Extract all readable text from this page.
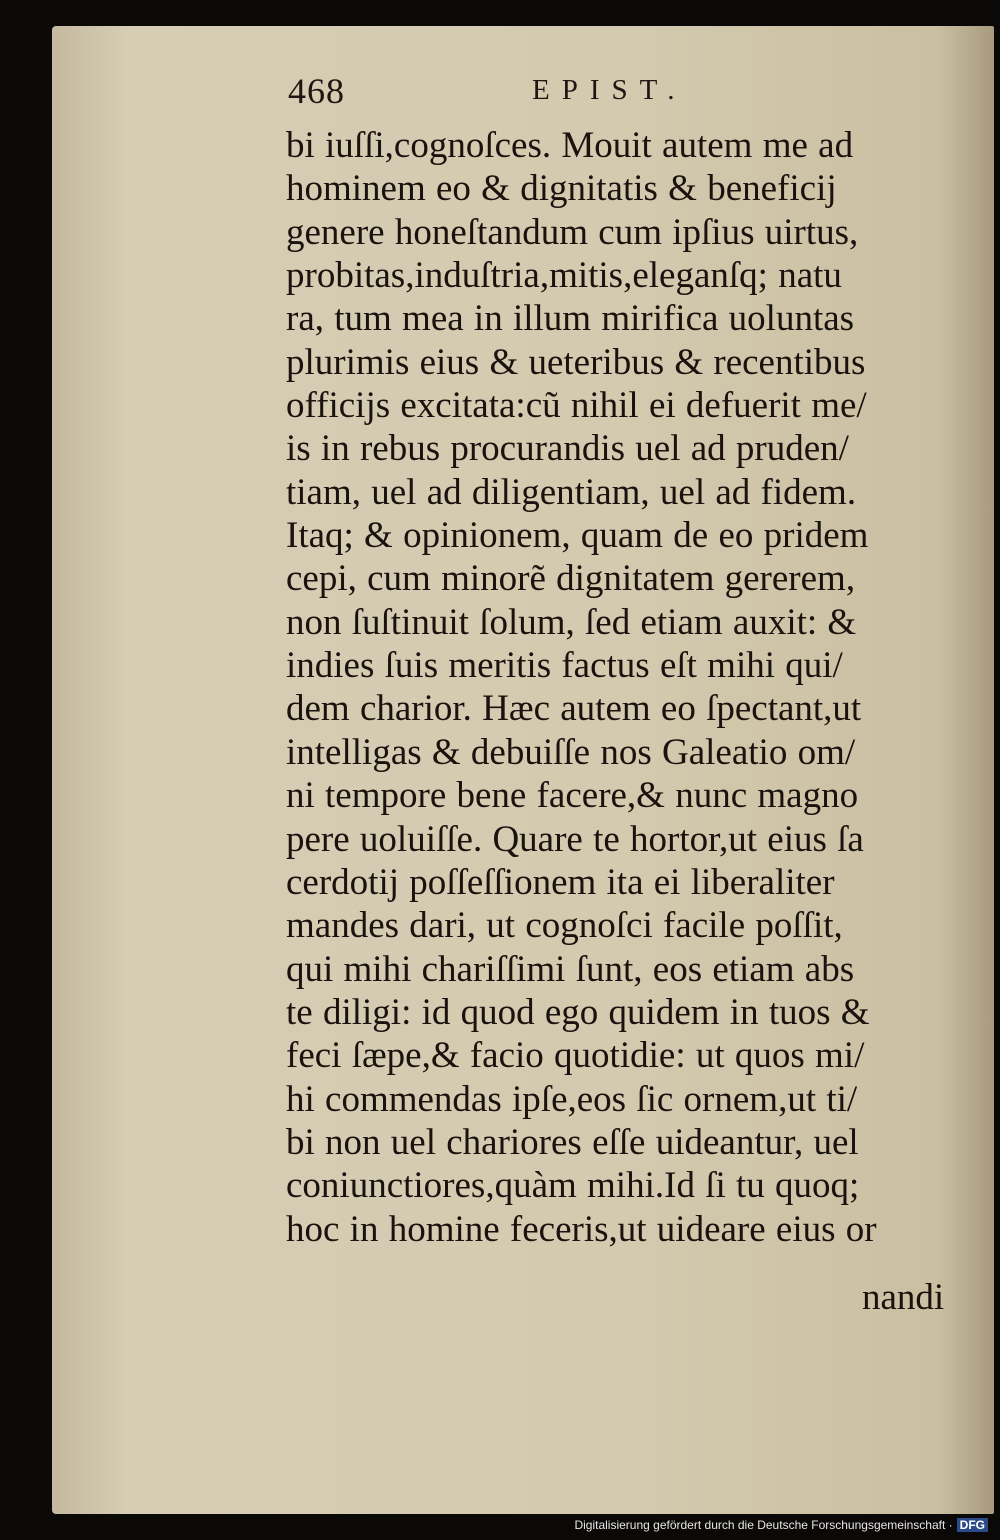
468	EPIST.
bi iuſſi,cognoſces. Mouit autem me ad
hominem eo & dignitatis & beneficij
genere honeſtandum cum ipſius uirtus,
probitas,induſtria,mitis,eleganſq; natu
ra, tum mea in illum mirifica uoluntas
plurimis eius & ueteribus & recentibus
officijs excitata:cũ nihil ei defuerit me/
is in rebus procurandis uel ad pruden/
tiam, uel ad diligentiam, uel ad fidem.
Itaq; & opinionem, quam de eo pridem
cepi, cum minorẽ dignitatem gererem,
non ſuſtinuit ſolum, ſed etiam auxit: &
indies ſuis meritis factus eſt mihi qui/
dem charior. Hæc autem eo ſpectant,ut
intelligas & debuiſſe nos Galeatio om/
ni tempore bene facere,& nunc magno
pere uoluiſſe. Quare te hortor,ut eius ſa
cerdotij poſſeſſionem ita ei liberaliter
mandes dari, ut cognoſci facile poſſit,
qui mihi chariſſimi ſunt, eos etiam abs
te diligi: id quod ego quidem in tuos &
feci ſæpe,& facio quotidie: ut quos mi/
hi commendas ipſe,eos ſic ornem,ut ti/
bi non uel chariores eſſe uideantur, uel
coniunctiores,quàm mihi.Id ſi tu quoq;
hoc in homine feceris,ut uideare eius or
nandi
Digitalisierung gefördert durch die Deutsche Forschungsgemeinschaft · DFG
